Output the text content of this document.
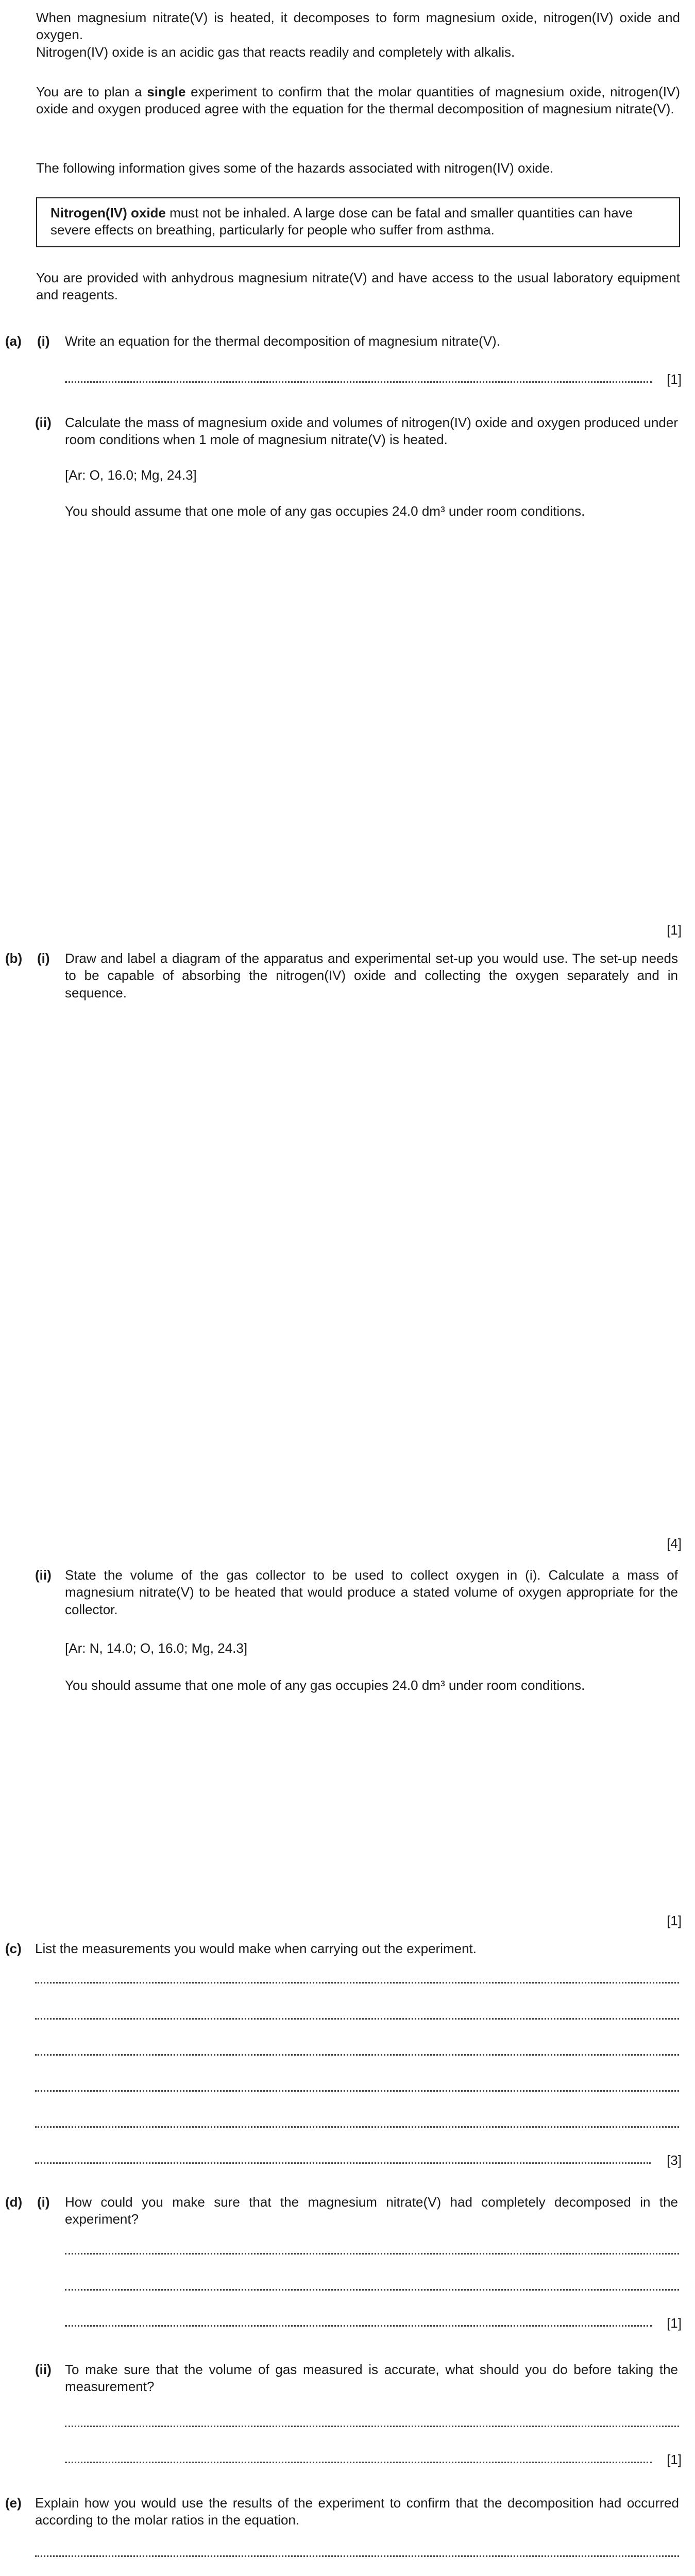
When magnesium nitrate(V) is heated, it decomposes to form magnesium oxide, nitrogen(IV) oxide and oxygen.
Nitrogen(IV) oxide is an acidic gas that reacts readily and completely with alkalis.
You are to plan a single experiment to confirm that the molar quantities of magnesium oxide, nitrogen(IV) oxide and oxygen produced agree with the equation for the thermal decomposition of magnesium nitrate(V).
The following information gives some of the hazards associated with nitrogen(IV) oxide.
Nitrogen(IV) oxide must not be inhaled. A large dose can be fatal and smaller quantities can have severe effects on breathing, particularly for people who suffer from asthma.
You are provided with anhydrous magnesium nitrate(V) and have access to the usual laboratory equipment and reagents.
(a) (i) Write an equation for the thermal decomposition of magnesium nitrate(V).
[1]
(ii) Calculate the mass of magnesium oxide and volumes of nitrogen(IV) oxide and oxygen produced under room conditions when 1 mole of magnesium nitrate(V) is heated.
[Ar: O, 16.0; Mg, 24.3]
You should assume that one mole of any gas occupies 24.0 dm³ under room conditions.
[1]
(b) (i) Draw and label a diagram of the apparatus and experimental set-up you would use. The set-up needs to be capable of absorbing the nitrogen(IV) oxide and collecting the oxygen separately and in sequence.
[4]
(ii) State the volume of the gas collector to be used to collect oxygen in (i). Calculate a mass of magnesium nitrate(V) to be heated that would produce a stated volume of oxygen appropriate for the collector.
[Ar: N, 14.0; O, 16.0; Mg, 24.3]
You should assume that one mole of any gas occupies 24.0 dm³ under room conditions.
[1]
(c) List the measurements you would make when carrying out the experiment.
[3]
(d) (i) How could you make sure that the magnesium nitrate(V) had completely decomposed in the experiment?
[1]
(ii) To make sure that the volume of gas measured is accurate, what should you do before taking the measurement?
[1]
(e) Explain how you would use the results of the experiment to confirm that the decomposition had occurred according to the molar ratios in the equation.
